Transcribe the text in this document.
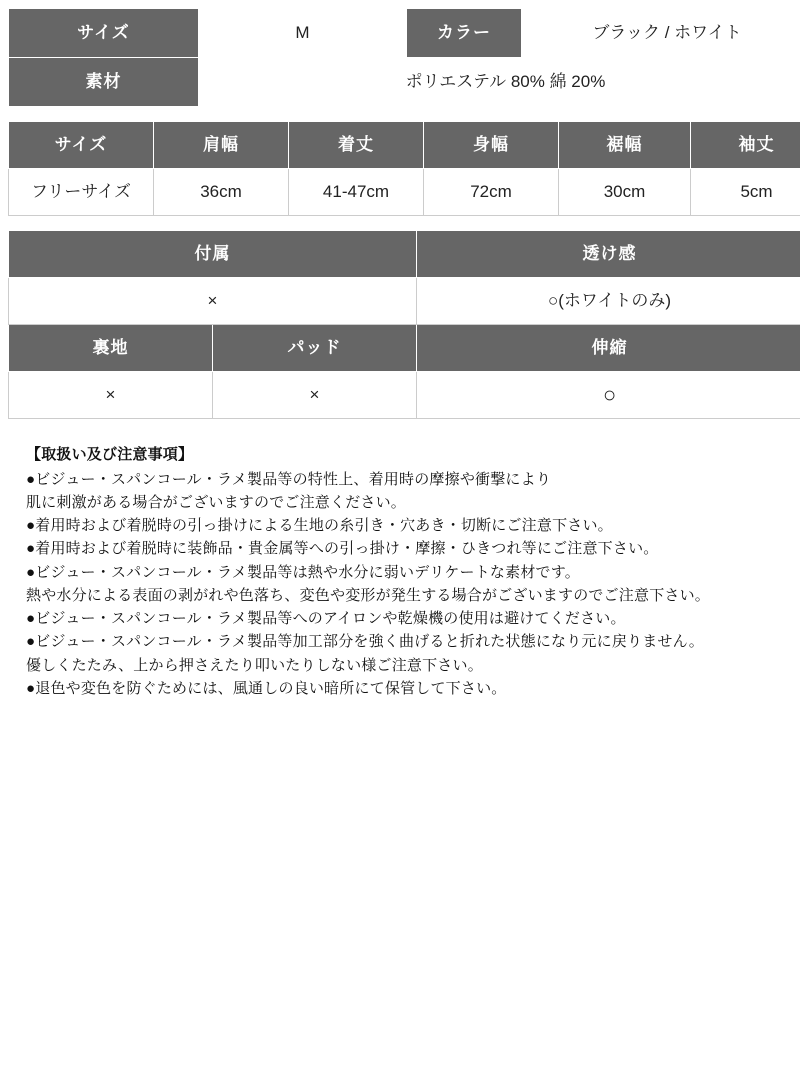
サイズ	M	カラー	ブラック / ホワイト
素材	ポリエステル 80% 綿 20%		
サイズ	肩幅	着丈	身幅	裾幅	袖丈
フリーサイズ	36cm	41-47cm	72cm	30cm	5cm
付属		透け感
×		○(ホワイトのみ)
裏地	パッド	伸縮
×	×	○

【取扱い及び注意事項】

●ビジュー・スパンコール・ラメ製品等の特性上、着用時の摩擦や衝撃により

肌に刺激がある場合がございますのでご注意ください。

●着用時および着脱時の引っ掛けによる生地の糸引き・穴あき・切断にご注意下さい。

●着用時および着脱時に装飾品・貴金属等への引っ掛け・摩擦・ひきつれ等にご注意下さい。

●ビジュー・スパンコール・ラメ製品等は熱や水分に弱いデリケートな素材です。

熱や水分による表面の剥がれや色落ち、変色や変形が発生する場合がございますのでご注意下さい。

●ビジュー・スパンコール・ラメ製品等へのアイロンや乾燥機の使用は避けてください。

●ビジュー・スパンコール・ラメ製品等加工部分を強く曲げると折れた状態になり元に戻りません。

優しくたたみ、上から押さえたり叩いたりしない様ご注意下さい。

●退色や変色を防ぐためには、風通しの良い暗所にて保管して下さい。
